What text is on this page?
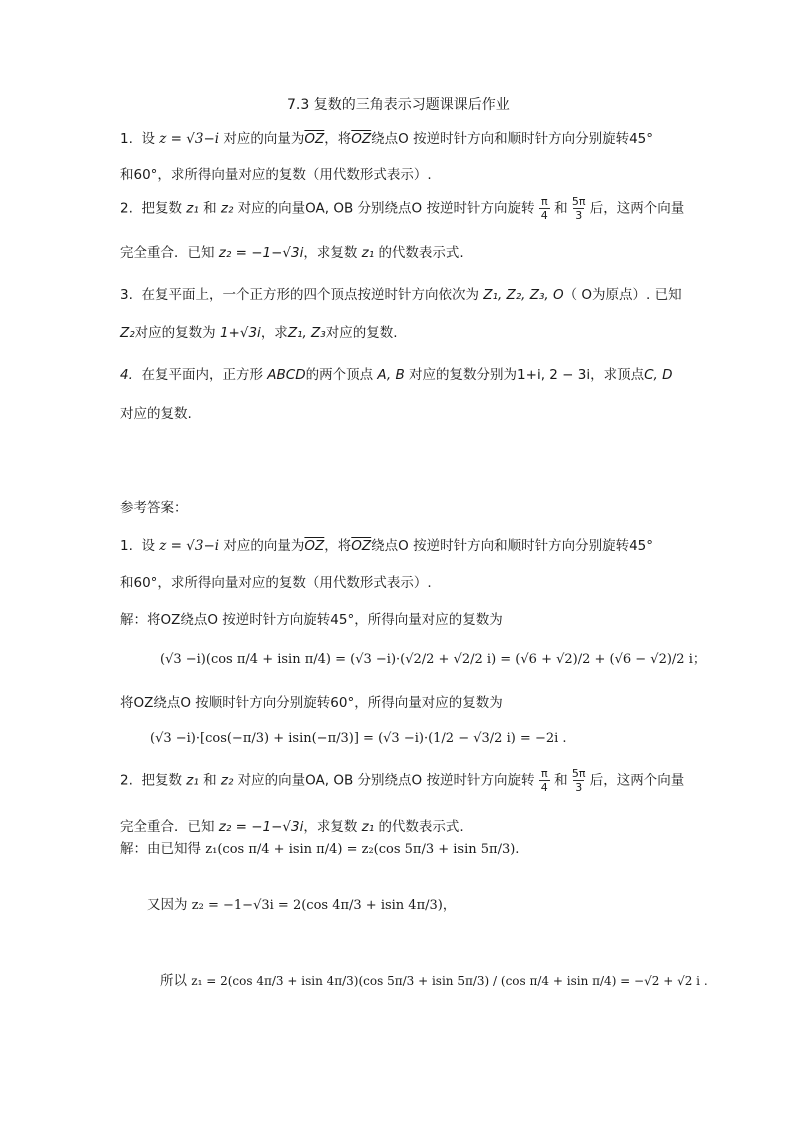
7.3 复数的三角表示习题课课后作业
1. 设 z = √3−i 对应的向量为$\overline{OZ}$，将$\overline{OZ}$绕点O 按逆时针方向和顺时针方向分别旋转45°
和60°，求所得向量对应的复数（用代数形式表示）.
2. 把复数 z₁ 和 z₂ 对应的向量OA, OB 分别绕点O 按逆时针方向旋转 $\frac{\pi}{4}$ 和 $\frac{5\pi}{3}$ 后，这两个向量
完全重合．已知 z₂ = −1−√3i，求复数 z₁ 的代数表示式.
3. 在复平面上，一个正方形的四个顶点按逆时针方向依次为 Z₁, Z₂, Z₃, O（ O为原点）. 已知
Z₂对应的复数为 1+√3i，求Z₁, Z₃对应的复数.
4. 在复平面内，正方形 ABCD的两个顶点 A, B 对应的复数分别为1+i, 2 − 3i，求顶点C, D
对应的复数.
参考答案：
1. 设 z = √3−i 对应的向量为$\overline{OZ}$，将$\overline{OZ}$绕点O 按逆时针方向和顺时针方向分别旋转45°
和60°，求所得向量对应的复数（用代数形式表示）.
解：将OZ绕点O 按逆时针方向旋转45°，所得向量对应的复数为
(√3 −i)(cos π/4 + isin π/4) = (√3 −i)·(√2/2 + √2/2 i) = (√6 + √2)/2 + (√6 − √2)/2 i；
将OZ绕点O 按顺时针方向分别旋转60°，所得向量对应的复数为
(√3 −i)·[cos(−π/3) + isin(−π/3)] = (√3 −i)·(1/2 − √3/2 i) = −2i .
2. 把复数 z₁ 和 z₂ 对应的向量OA, OB 分别绕点O 按逆时针方向旋转 $\frac{\pi}{4}$ 和 $\frac{5\pi}{3}$ 后，这两个向量
完全重合．已知 z₂ = −1−√3i，求复数 z₁ 的代数表示式.
解：由已知得 z₁(cos π/4 + isin π/4) = z₂(cos 5π/3 + isin 5π/3).
又因为 z₂ = −1−√3i = 2(cos 4π/3 + isin 4π/3)，
所以 z₁ = 2(cos 4π/3 + isin 4π/3)(cos 5π/3 + isin 5π/3) / (cos π/4 + isin π/4) = −√2 + √2 i .
